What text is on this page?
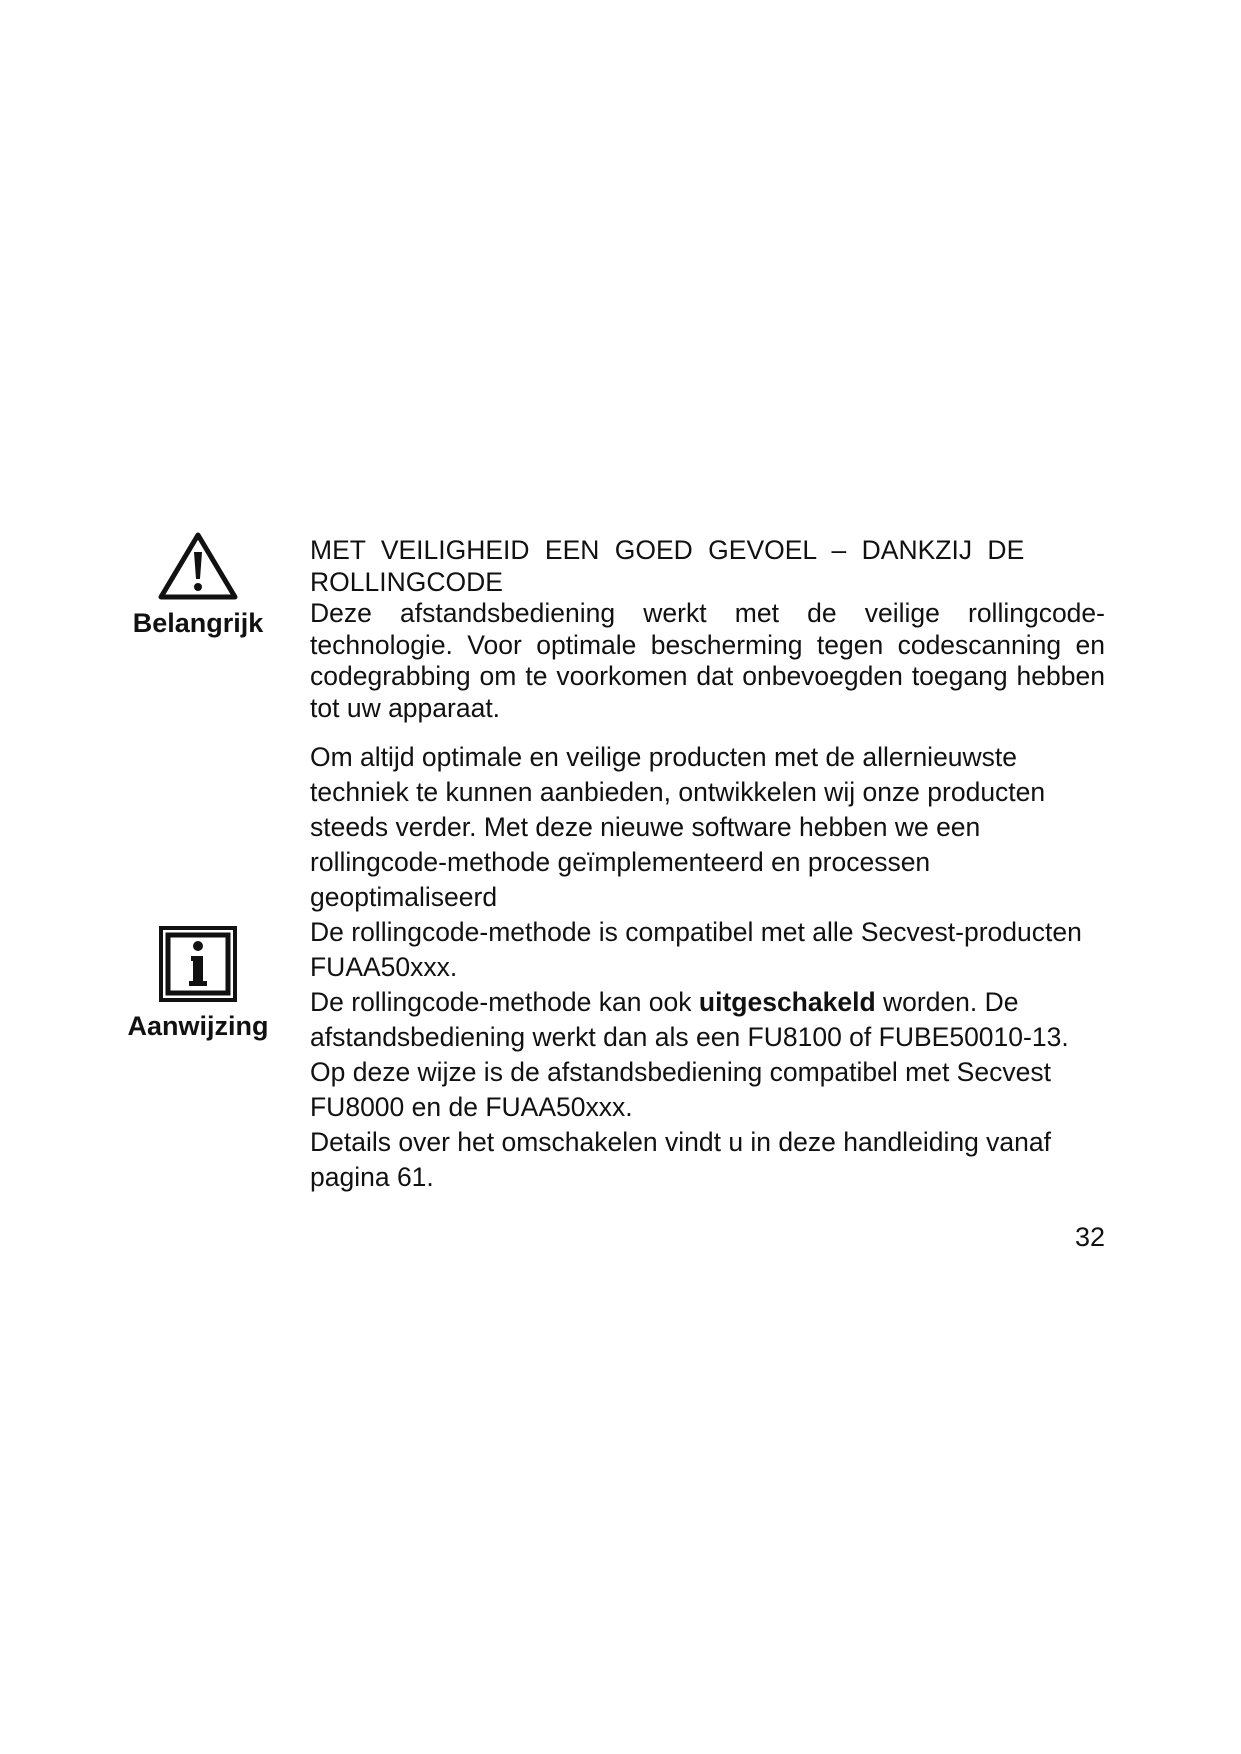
Belangrijk
Aanwijzing

MET VEILIGHEID EEN GOED GEVOEL – DANKZIJ DE

ROLLINGCODE

Deze afstandsbediening werkt met de veilige rollingcode-technologie. Voor optimale bescherming tegen codescanning en codegrabbing om te voorkomen dat onbevoegden toegang hebben tot uw apparaat.

Om altijd optimale en veilige producten met de allernieuwste

techniek te kunnen aanbieden, ontwikkelen wij onze producten

steeds verder. Met deze nieuwe software hebben we een

rollingcode-methode geïmplementeerd en processen

geoptimaliseerd

De rollingcode-methode is compatibel met alle Secvest-producten

FUAA50xxx.

De rollingcode-methode kan ook uitgeschakeld worden. De

afstandsbediening werkt dan als een FU8100 of FUBE50010-13.

Op deze wijze is de afstandsbediening compatibel met Secvest

FU8000 en de FUAA50xxx.

Details over het omschakelen vindt u in deze handleiding vanaf

pagina 61.

32
